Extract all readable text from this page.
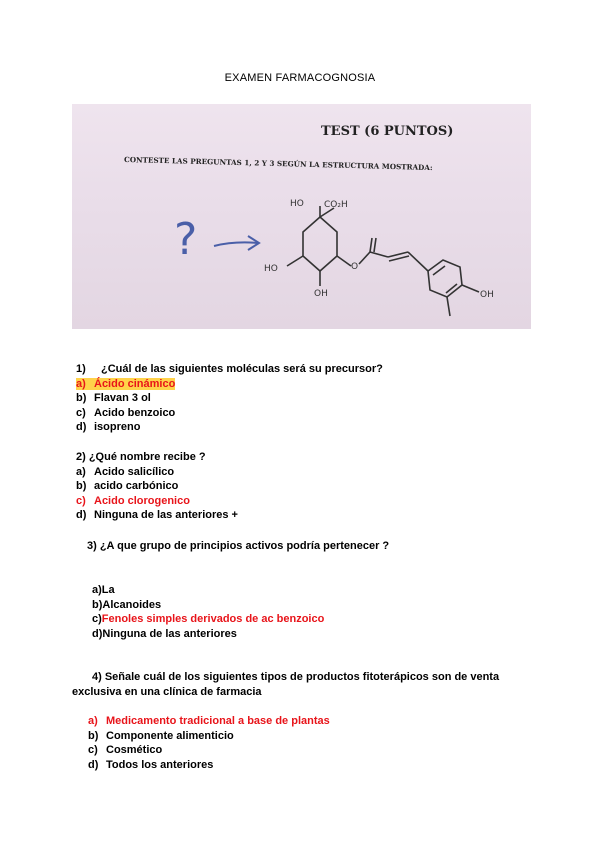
EXAMEN FARMACOGNOSIA
TEST (6 PUNTOS)
CONTESTE LAS PREGUNTAS 1, 2 Y 3 SEGÚN LA ESTRUCTURA MOSTRADA:
?
HO CO₂H
HO
OH
O
OH
1) ¿Cuál de las siguientes moléculas será su precursor?
a) Ácido cinámico
b) Flavan 3 ol
c) Acido benzoico
d) isopreno
2) ¿Qué nombre recibe ?
a) Acido salicílico
b) acido carbónico
c) Acido clorogenico
d) Ninguna de las anteriores +
3) ¿A que grupo de principios activos podría pertenecer ?
a)La
b)Alcanoides
c)Fenoles simples derivados de ac benzoico
d)Ninguna de las anteriores
4) Señale cuál de los siguientes tipos de productos fitoterápicos son de venta
exclusiva en una clínica de farmacia
a) Medicamento tradicional a base de plantas
b) Componente alimenticio
c) Cosmético
d) Todos los anteriores
